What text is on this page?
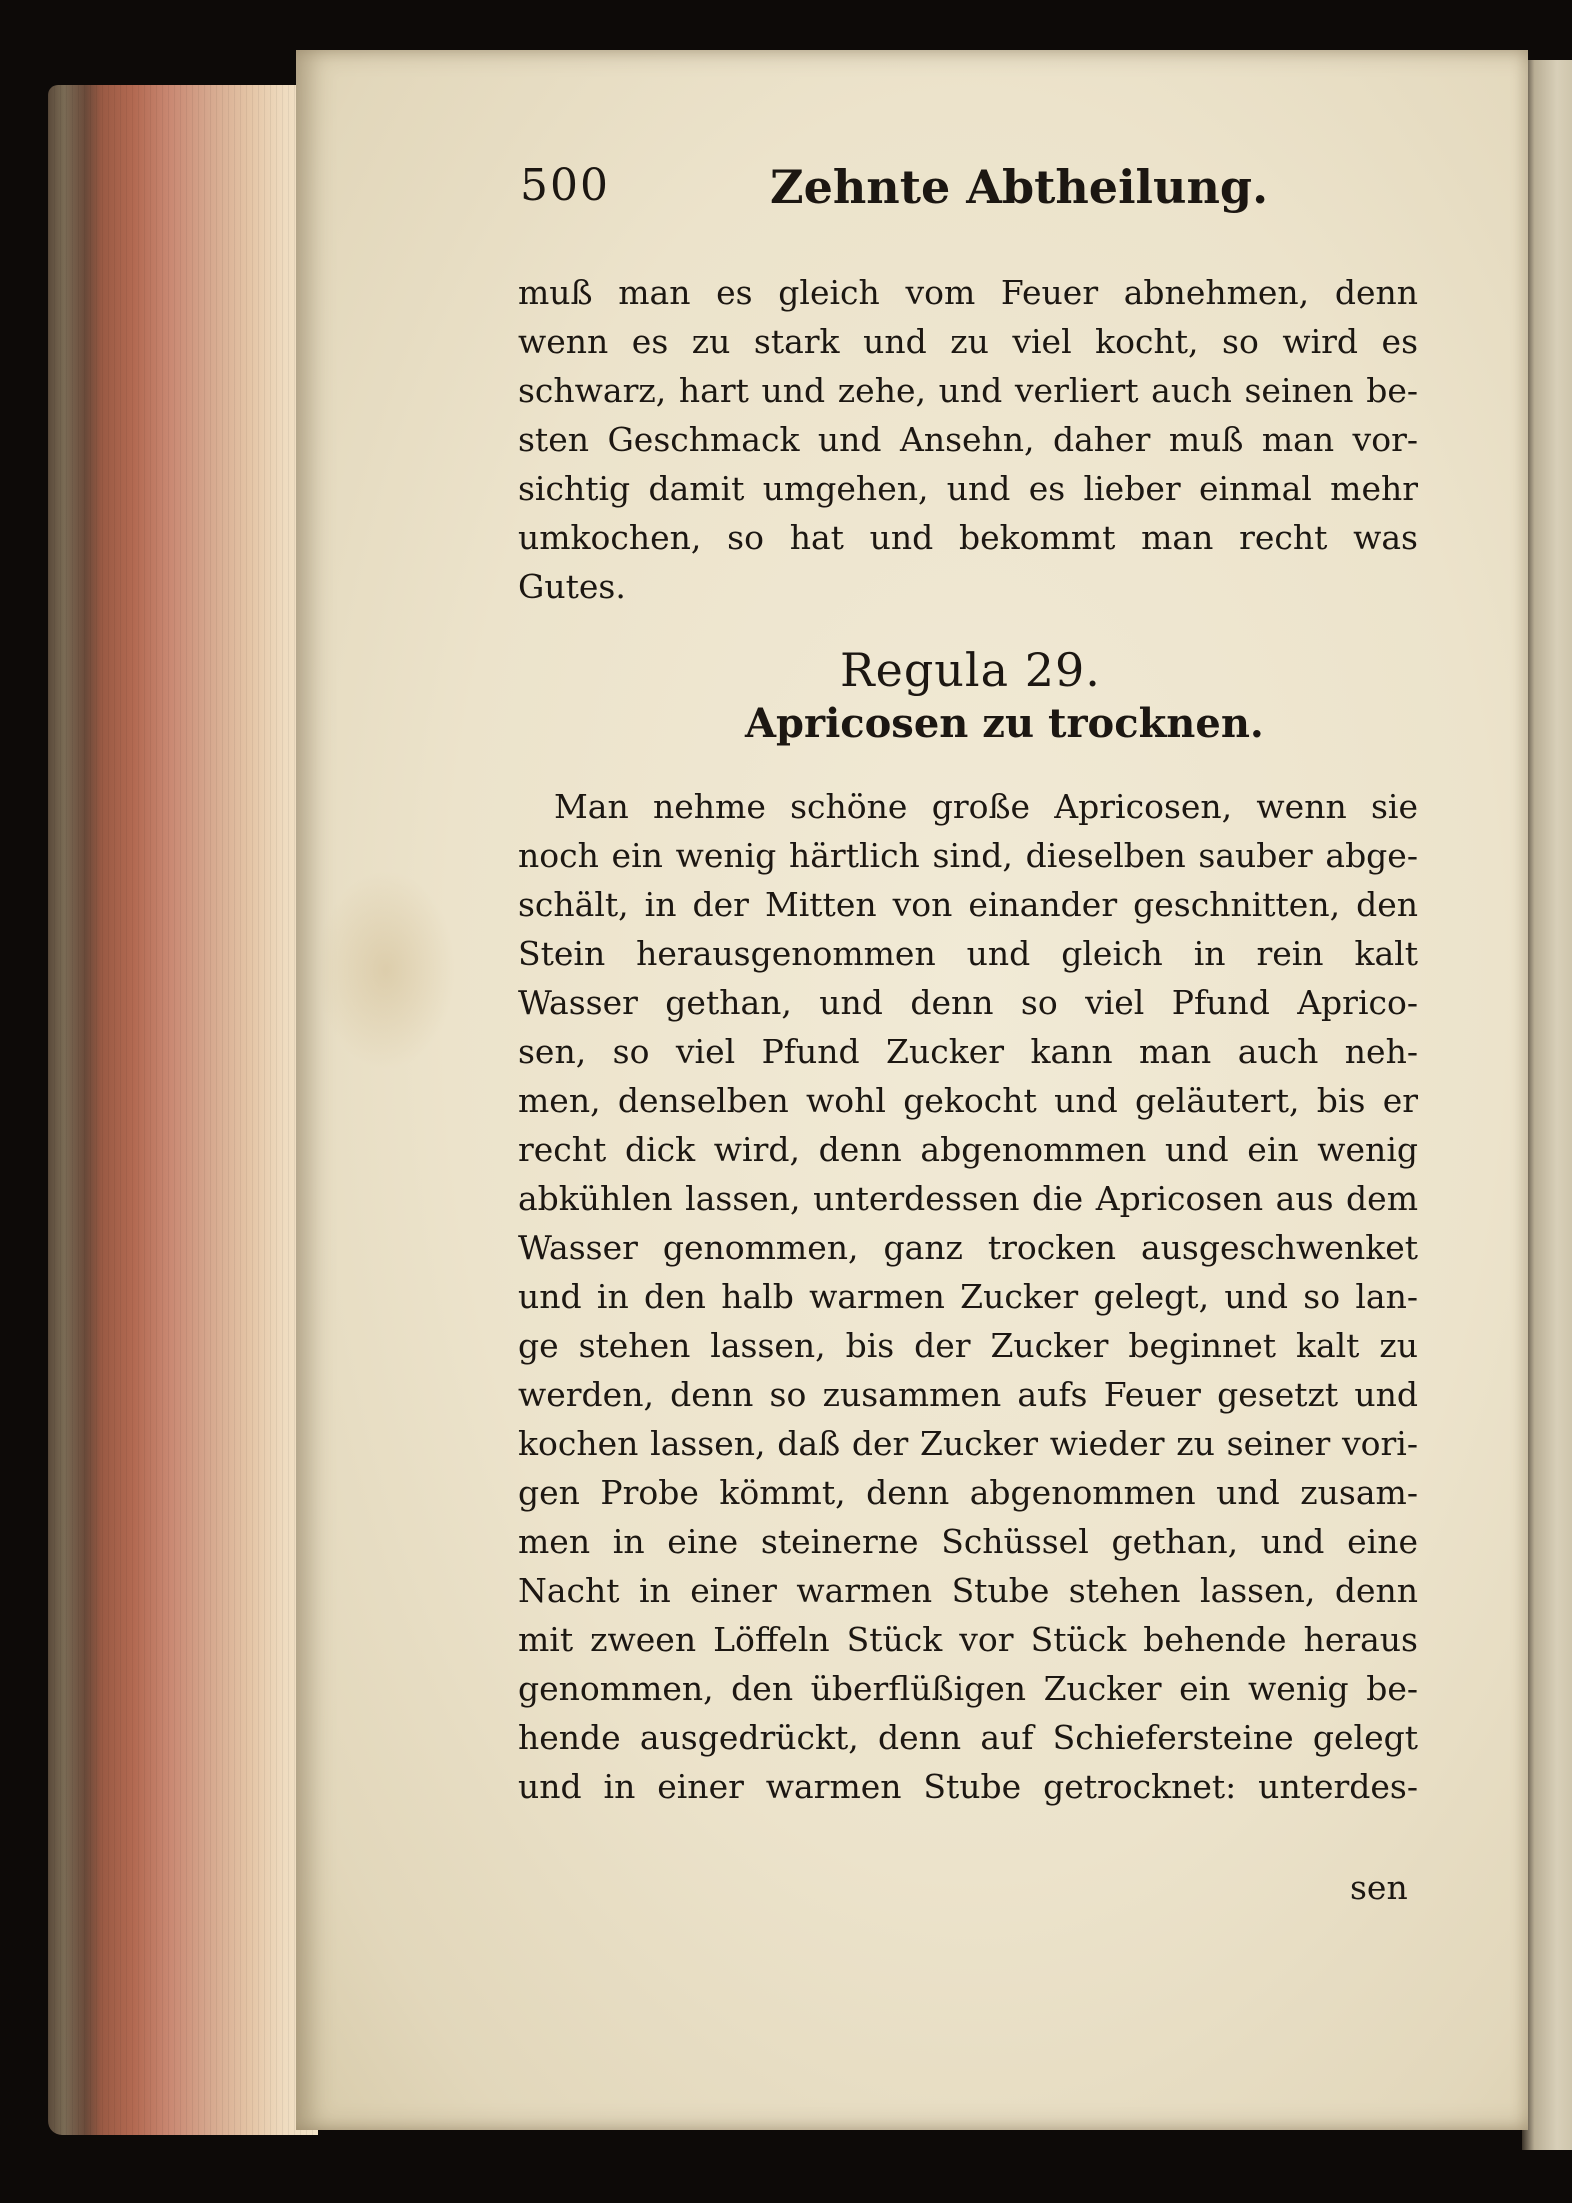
500	Zehnte Abtheilung.
muß man es gleich vom Feuer abnehmen, denn
wenn es zu stark und zu viel kocht, so wird es
schwarz, hart und zehe, und verliert auch seinen be-
sten Geschmack und Ansehn, daher muß man vor-
sichtig damit umgehen, und es lieber einmal mehr
umkochen, so hat und bekommt man recht was
Gutes.
Regula 29.
Apricosen zu trocknen.
Man nehme schöne große Apricosen, wenn sie
noch ein wenig härtlich sind, dieselben sauber abge-
schält, in der Mitten von einander geschnitten, den
Stein herausgenommen und gleich in rein kalt
Wasser gethan, und denn so viel Pfund Aprico-
sen, so viel Pfund Zucker kann man auch neh-
men, denselben wohl gekocht und geläutert, bis er
recht dick wird, denn abgenommen und ein wenig
abkühlen lassen, unterdessen die Apricosen aus dem
Wasser genommen, ganz trocken ausgeschwenket
und in den halb warmen Zucker gelegt, und so lan-
ge stehen lassen, bis der Zucker beginnet kalt zu
werden, denn so zusammen aufs Feuer gesetzt und
kochen lassen, daß der Zucker wieder zu seiner vori-
gen Probe kömmt, denn abgenommen und zusam-
men in eine steinerne Schüssel gethan, und eine
Nacht in einer warmen Stube stehen lassen, denn
mit zween Löffeln Stück vor Stück behende heraus
genommen, den überflüßigen Zucker ein wenig be-
hende ausgedrückt, denn auf Schiefersteine gelegt
und in einer warmen Stube getrocknet: unterdes-
sen
